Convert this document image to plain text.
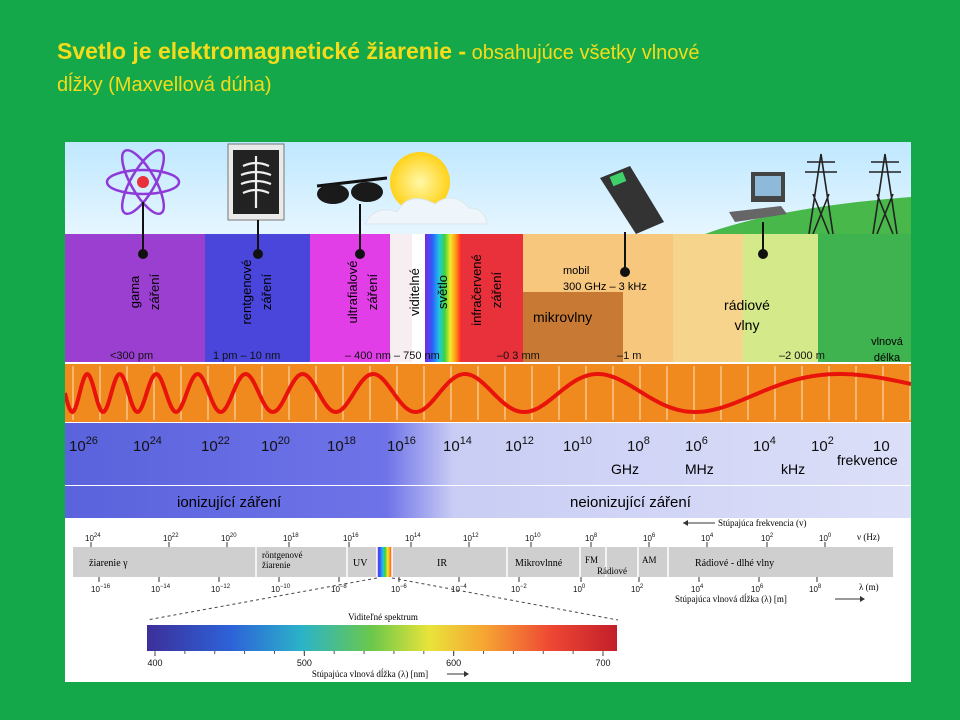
Svetlo je elektromagnetické žiarenie - obsahujúce všetky vlnové
dĺžky (Maxvellová dúha)
gama záření	rentgenové záření	ultrafialové záření viditelné světlo infračervené záření
mobil
300 GHz – 3 kHz
mikrovlny
rádiové
vlny
vlnová
délka
<300 pm	1 pm – 10 nm	– 400 nm – 750 nm	–0 3 mm	–1 m	–2 000 m
$10^{26}$ $10^{24}$	$10^{22}$ $10^{20}$ $10^{18}$ $10^{16}$ $10^{14}$ $10^{12}$ $10^{10}$ $10^8$ $10^6$	$10^4$ $10^2$	10
GHz	MHz	kHz
frekvence
ionizující záření	neionizující záření
Stúpajúca frekvencia (v)
$10^{24}$	$10^{22}$	$10^{20}$	$10^{18}$	$10^{16}$	$10^{14}$	$10^{12}$	$10^{10}$	$10^8$	$10^6$	$10^4$	$10^2$	$10^0$	ν (Hz)
žiarenie γ
röntgenové
žiarenie	UV	IR	Mikrovlnné	FM	AM
Rádiové
Rádiové - dlhé vlny
$10^{-16}$	$10^{-14}$	$10^{-12}$	$10^{-10}$	$10^{-8}$	$10^{-6}$	$10^{-4}$	$10^{-2}$	$10^0$	$10^2$	$10^4$	$10^6$	$10^8$	λ (m)
Stúpajúca vlnová dĺžka (λ) [m]
Viditeľné spektrum
400	500	600	700
Stúpajúca vlnová dĺžka (λ) [nm]
